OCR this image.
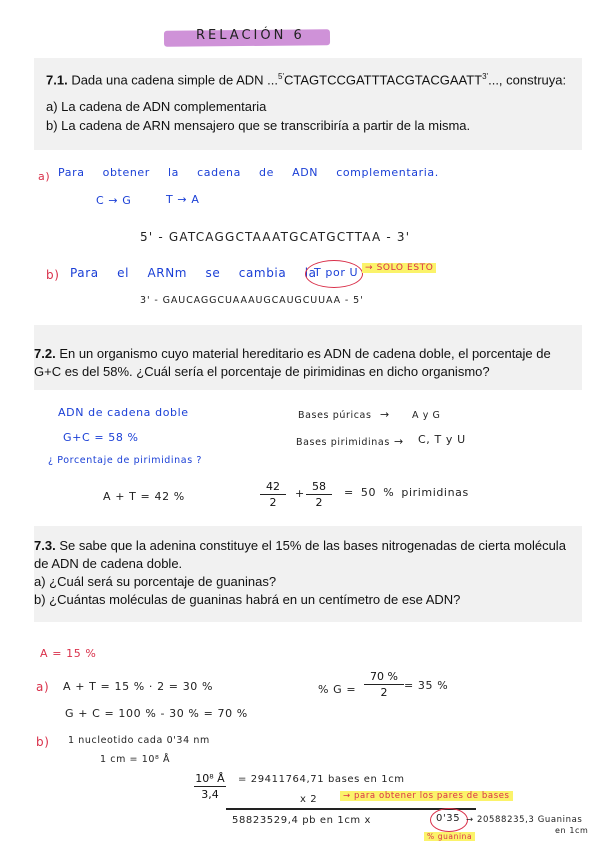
RELACIÓN 6

7.1. Dada una cadena simple de ADN $...^{5'}CTAGTCCGATTTACGTACGAATT^{3'}$..., construya:

a) La cadena de ADN complementaria

b) La cadena de ARN mensajero que se transcribiría a partir de la misma.

a) Para obtener la cadena de ADN complementaria.
C → G	T → A
5' - GATCAGGCTAAATGCATGCTTAA - 3'
b) Para el ARNm se cambia la
T por U → SOLO ESTO
3' - GAUCAGGCUAAAUGCAUGCUUAA - 5'

7.2. En un organismo cuyo material hereditario es ADN de cadena doble, el porcentaje de

G+C es del 58%. ¿Cuál sería el porcentaje de pirimidinas en dicho organismo?

ADN de cadena doble
G+C = 58 %
¿ Porcentaje de pirimidinas ?
A + T = 42 %
Bases púricas → A y G
Bases pirimidinas → C, T y U
42
2
+
58
2
= 50 % pirimidinas

7.3. Se sabe que la adenina constituye el 15% de las bases nitrogenadas de cierta molécula

de ADN de cadena doble.

a) ¿Cuál será su porcentaje de guaninas?

b) ¿Cuántas moléculas de guaninas habrá en un centímetro de ese ADN?

A = 15 %
a) A + T = 15 % · 2 = 30 %
G + C = 100 % - 30 % = 70 %
% G =
70 %
2
= 35 %
b) 1 nucleotido cada 0'34 nm
1 cm = 10⁸ Å
10⁸ Å
3,4
= 29411764,71 bases en 1cm
x 2	→ para obtener los pares de bases
58823529,4 pb en 1cm x	0'35 → 20588235,3 Guaninas
en 1cm
% guanina
